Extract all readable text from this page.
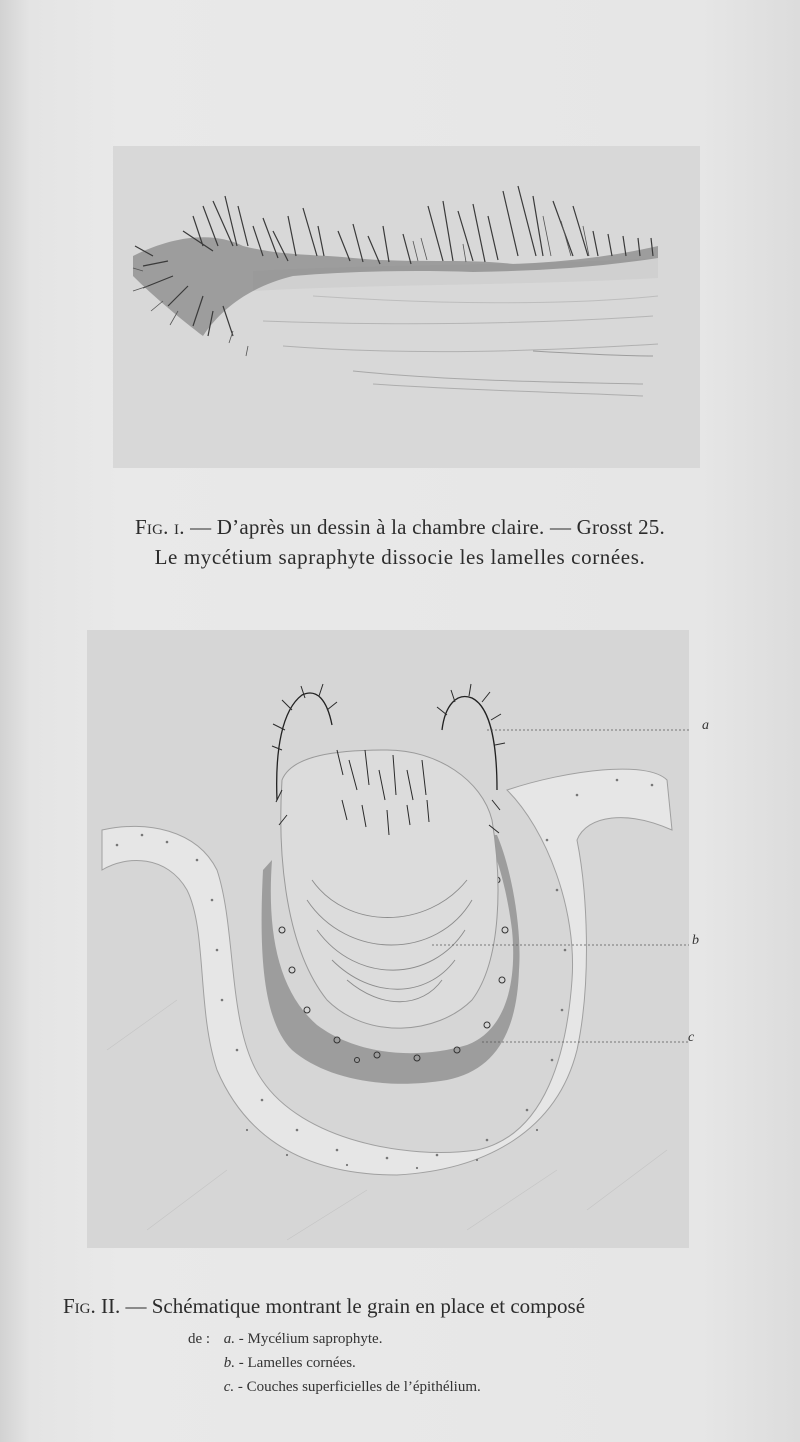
Fig. i. — D’après un dessin à la chambre claire. — Grosst 25.
Le mycétium sapraphyte dissocie les lamelles cornées.
a
b
c
Fig. II. — Schématique montrant le grain en place et composé
de : a. - Mycélium saprophyte.
b. - Lamelles cornées.
c. - Couches superficielles de l’épithélium.
